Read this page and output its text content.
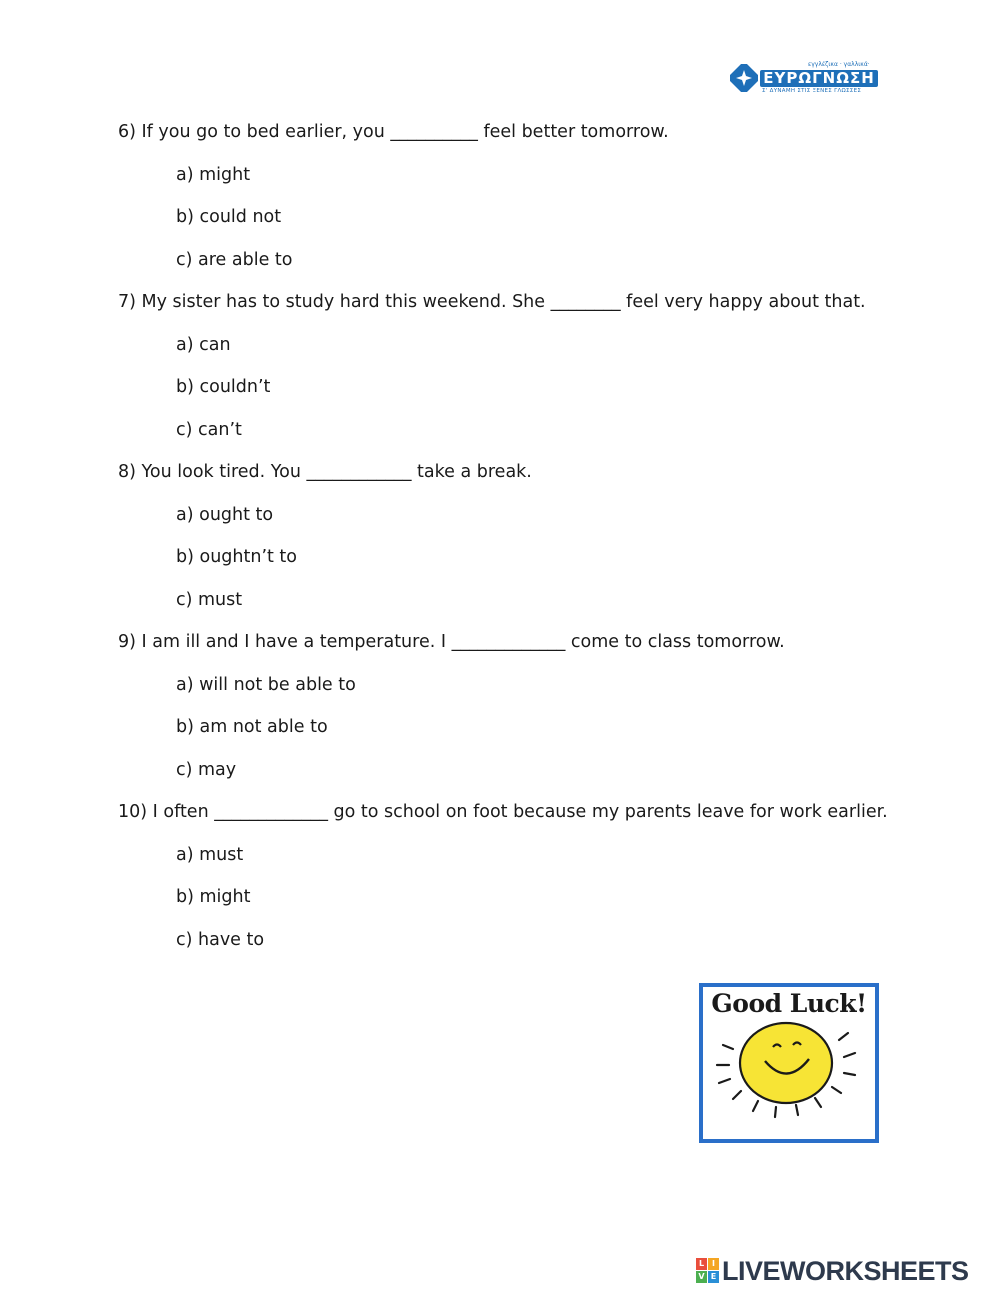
εγγλέζικα · γαλλικά·
ΕΥΡΩΓΝΩΣΗ
Σ' ΔΥΝΑΜΗ ΣΤΙΣ ΞΕΝΕΣ ΓΛΩΣΣΕΣ

6) If you go to bed earlier, you __________ feel better tomorrow.

a) might

b) could not

c) are able to

7) My sister has to study hard this weekend. She ________ feel very happy about that.

a) can

b) couldn’t

c) can’t

8) You look tired. You ____________ take a break.

a) ought to

b) oughtn’t to

c) must

9) I am ill and I have a temperature. I _____________ come to class tomorrow.

a) will not be able to

b) am not able to

c) may

10) I often _____________ go to school on foot because my parents leave for work earlier.

a) must

b) might

c) have to

Good Luck!
L I
V E LIVEWORKSHEETS
